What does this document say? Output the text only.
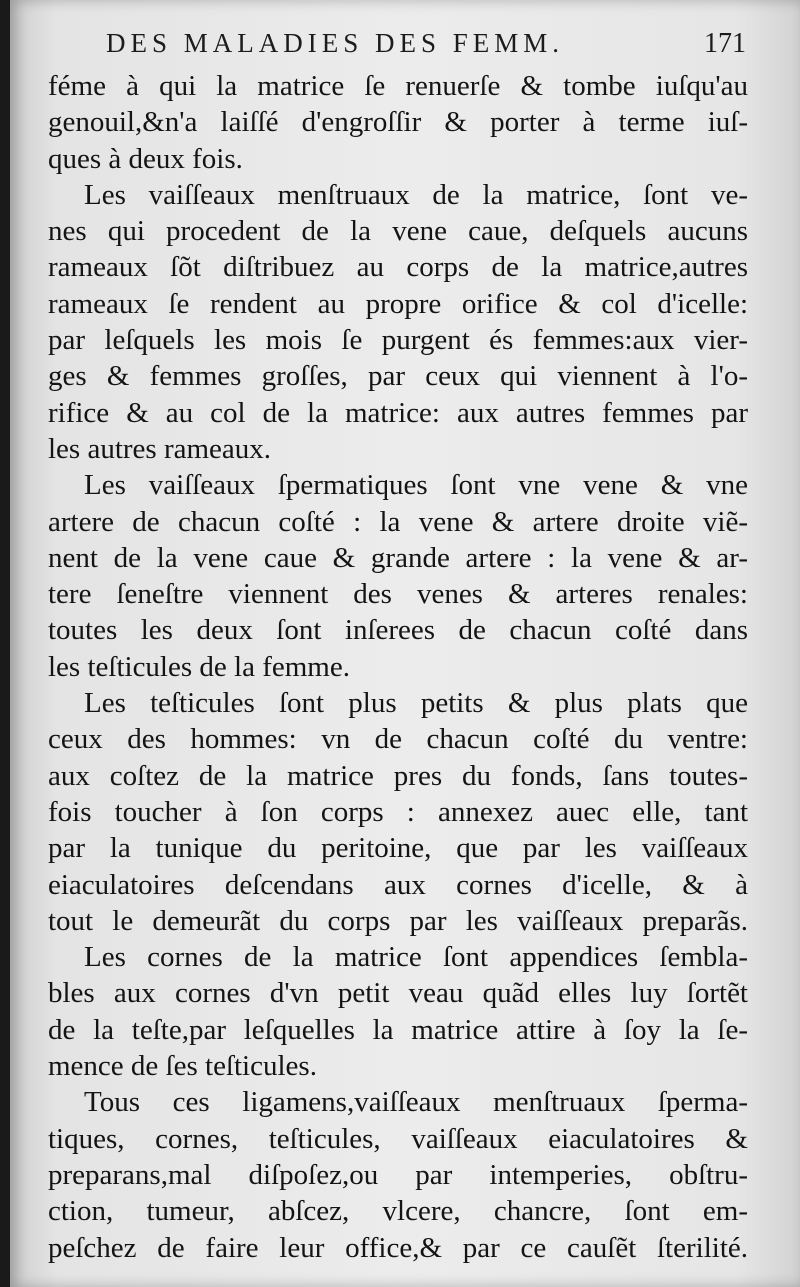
DES MALADIES DES FEMM.	171
féme à qui la matrice ſe renuerſe & tombe iuſqu'au
genouil,&n'a laiſſé d'engroſſir & porter à terme iuſ-
ques à deux fois.
Les vaiſſeaux menſtruaux de la matrice, ſont ve-
nes qui procedent de la vene caue, deſquels aucuns
rameaux ſõt diſtribuez au corps de la matrice,autres
rameaux ſe rendent au propre orifice & col d'icelle:
par leſquels les mois ſe purgent és femmes:aux vier-
ges & femmes groſſes, par ceux qui viennent à l'o-
rifice & au col de la matrice: aux autres femmes par
les autres rameaux.
Les vaiſſeaux ſpermatiques ſont vne vene & vne
artere de chacun coſté : la vene & artere droite viẽ-
nent de la vene caue & grande artere : la vene & ar-
tere ſeneſtre viennent des venes & arteres renales:
toutes les deux ſont inſerees de chacun coſté dans
les teſticules de la femme.
Les teſticules ſont plus petits & plus plats que
ceux des hommes: vn de chacun coſté du ventre:
aux coſtez de la matrice pres du fonds, ſans toutes-
fois toucher à ſon corps : annexez auec elle, tant
par la tunique du peritoine, que par les vaiſſeaux
eiaculatoires deſcendans aux cornes d'icelle, & à
tout le demeurãt du corps par les vaiſſeaux preparãs.
Les cornes de la matrice ſont appendices ſembla-
bles aux cornes d'vn petit veau quãd elles luy ſortẽt
de la teſte,par leſquelles la matrice attire à ſoy la ſe-
mence de ſes teſticules.
Tous ces ligamens,vaiſſeaux menſtruaux ſperma-
tiques, cornes, teſticules, vaiſſeaux eiaculatoires &
preparans,mal diſpoſez,ou par intemperies, obſtru-
ction, tumeur, abſcez, vlcere, chancre, ſont em-
peſchez de faire leur office,& par ce cauſẽt ſterilité.
